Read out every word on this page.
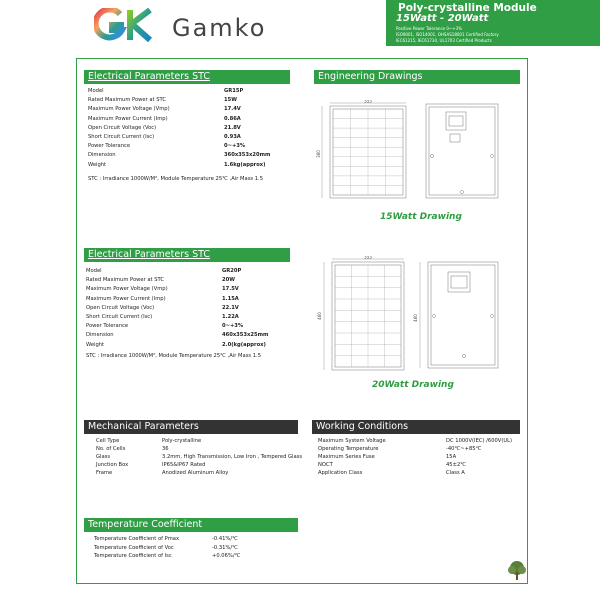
Gamko
Poly-crystalline Module
15Watt - 20Watt
Positive Power Tolerance 0~+3%
ISO9001, ISO14001, OHSAS18001 Certified Factory
IEC61215, IEC61730, UL1703 Certified Products
Electrical Parameters STC
Model	GR15P
Rated Maximum Power at STC	15W
Maximum Power Voltage (Vmp)	17.4V
Maximum Power Current (Imp)	0.86A
Open Circuit Voltage (Voc)	21.8V
Short Circuit Current (Isc)	0.93A
Power Tolerance	0~+3%
Dimension	360x353x20mm
Weight	1.6kg(approx)
STC : Irradiance 1000W/M², Module Temperature 25℃ ,Air Mass 1.5
Electrical Parameters STC
Model	GR20P
Rated Maximum Power at STC	20W
Maximum Power Voltage (Vmp)	17.5V
Maximum Power Current (Imp)	1.15A
Open Circuit Voltage (Voc)	22.1V
Short Circuit Current (Isc)	1.22A
Power Tolerance	0~+3%
Dimension	460x353x25mm
Weight	2.0(kg(approx)
STC : Irradiance 1000W/M², Module Temperature 25℃ ,Air Mass 1.5
Engineering Drawings
353
360
15Watt Drawing
353
460	460
20Watt Drawing
Mechanical Parameters
Cell Type	Poly-crystalline
No. of Cells	36
Glass	3.2mm, High Transmission, Low Iron , Tempered Glass
Junction Box	IP65&IP67 Rated
Frame	Anodized Aluminum Alloy
Working Conditions
Maximum System Voltage	DC 1000V(IEC) /600V(UL)
Operating Temperature	-40℃~+85℃
Maximum Series Fuse	15A
NOCT	45±2℃
Application Class	Class A
Temperature Coefficient
Temperature Coefficient of Pmax	-0.41%/℃
Temperature Coefficient of Voc	-0.31%/℃
Temperature Coefficient of Isc	+0.06%/℃
